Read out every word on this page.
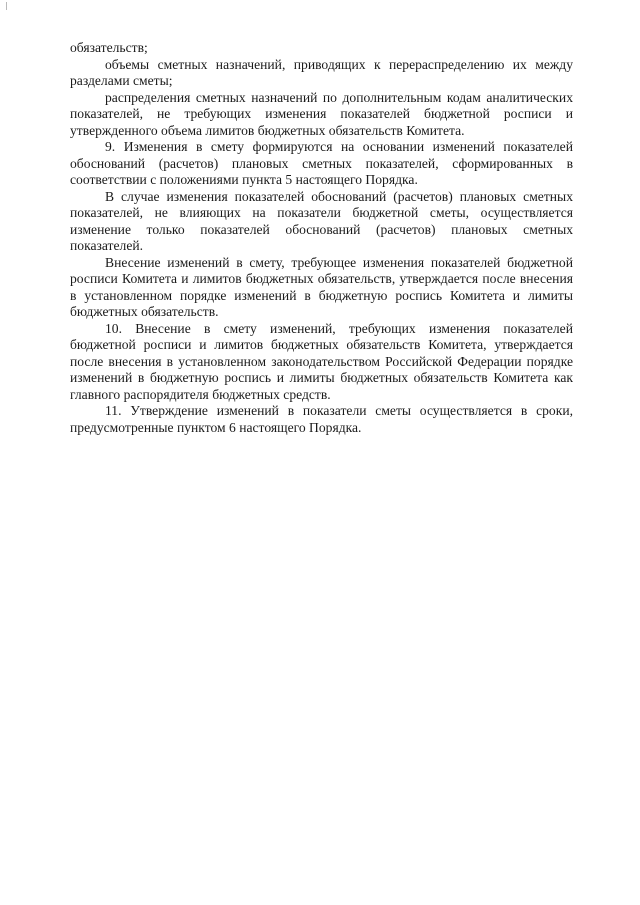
обязательств;

объемы сметных назначений, приводящих к перераспределению их между разделами сметы;

распределения сметных назначений по дополнительным кодам аналитических показателей, не требующих изменения показателей бюджетной росписи и утвержденного объема лимитов бюджетных обязательств Комитета.

9. Изменения в смету формируются на основании изменений показателей обоснований (расчетов) плановых сметных показателей, сформированных в соответствии с положениями пункта 5 настоящего Порядка.

В случае изменения показателей обоснований (расчетов) плановых сметных показателей, не влияющих на показатели бюджетной сметы, осуществляется изменение только показателей обоснований (расчетов) плановых сметных показателей.

Внесение изменений в смету, требующее изменения показателей бюджетной росписи Комитета и лимитов бюджетных обязательств, утверждается после внесения в установленном порядке изменений в бюджетную роспись Комитета и лимиты бюджетных обязательств.

10. Внесение в смету изменений, требующих изменения показателей бюджетной росписи и лимитов бюджетных обязательств Комитета, утверждается после внесения в установленном законодательством Российской Федерации порядке изменений в бюджетную роспись и лимиты бюджетных обязательств Комитета как главного распорядителя бюджетных средств.

11. Утверждение изменений в показатели сметы осуществляется в сроки, предусмотренные пунктом 6 настоящего Порядка.
